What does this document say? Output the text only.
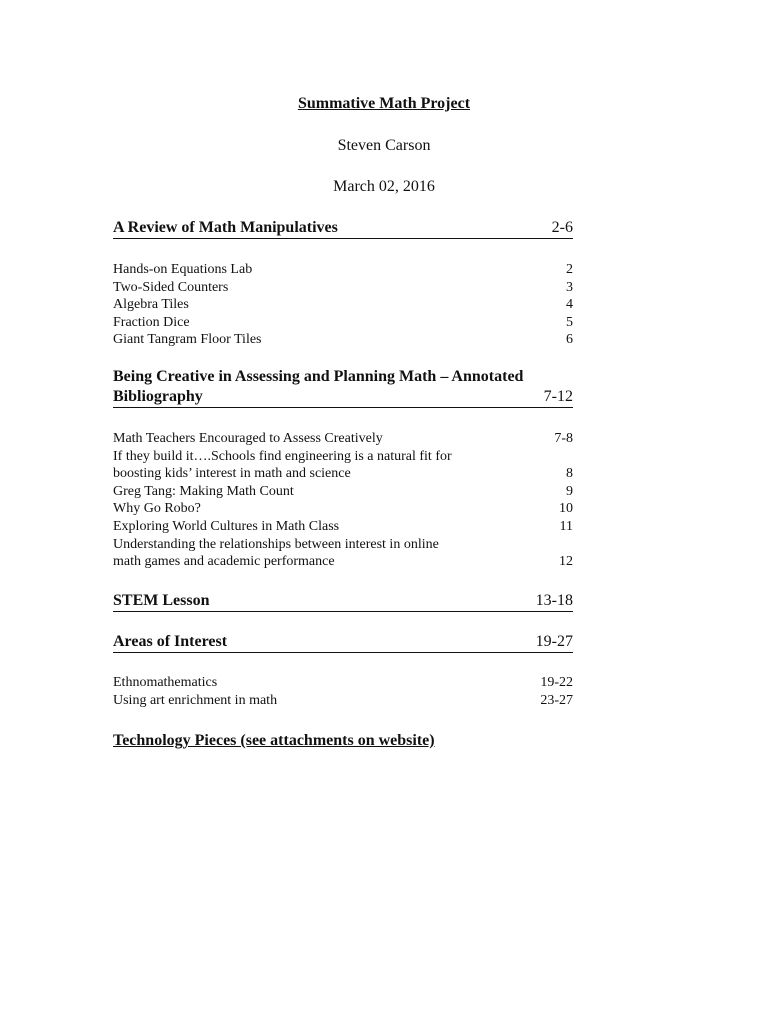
Summative Math Project
Steven Carson
March 02, 2016
A Review of Math Manipulatives	2-6
Hands-on Equations Lab	2
Two-Sided Counters	3
Algebra Tiles	4
Fraction Dice	5
Giant Tangram Floor Tiles	6
Being Creative in Assessing and Planning Math – Annotated
Bibliography	7-12
Math Teachers Encouraged to Assess Creatively	7-8
If they build it….Schools find engineering is a natural fit for
boosting kids’ interest in math and science	8
Greg Tang: Making Math Count	9
Why Go Robo?	10
Exploring World Cultures in Math Class	11
Understanding the relationships between interest in online
math games and academic performance	12
STEM Lesson	13-18
Areas of Interest	19-27
Ethnomathematics	19-22
Using art enrichment in math	23-27
Technology Pieces (see attachments on website)
